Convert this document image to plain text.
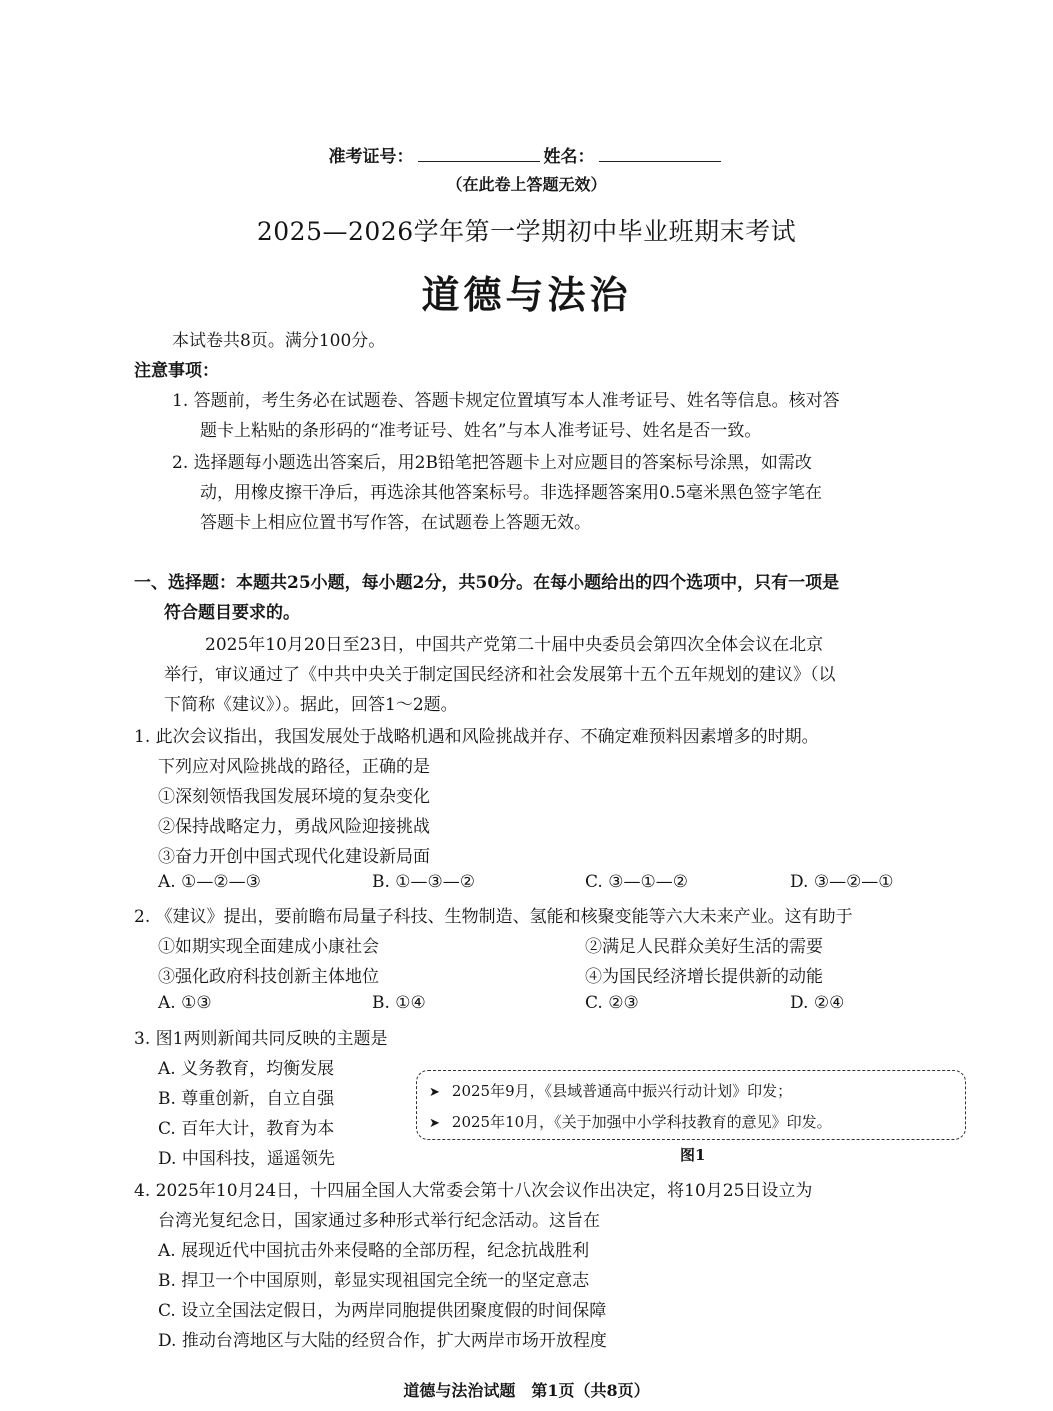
准考证号：	姓名：
（在此卷上答题无效）
2025—2026学年第一学期初中毕业班期末考试
道德与法治
本试卷共8页。满分100分。
注意事项：
1. 答题前，考生务必在试题卷、答题卡规定位置填写本人准考证号、姓名等信息。核对答
题卡上粘贴的条形码的“准考证号、姓名”与本人准考证号、姓名是否一致。
2. 选择题每小题选出答案后，用2B铅笔把答题卡上对应题目的答案标号涂黑，如需改
动，用橡皮擦干净后，再选涂其他答案标号。非选择题答案用0.5毫米黑色签字笔在
答题卡上相应位置书写作答，在试题卷上答题无效。
一、选择题：本题共25小题，每小题2分，共50分。在每小题给出的四个选项中，只有一项是
符合题目要求的。
2025年10月20日至23日，中国共产党第二十届中央委员会第四次全体会议在北京
举行，审议通过了《中共中央关于制定国民经济和社会发展第十五个五年规划的建议》（以
下简称《建议》）。据此，回答1～2题。
1. 此次会议指出，我国发展处于战略机遇和风险挑战并存、不确定难预料因素增多的时期。
下列应对风险挑战的路径，正确的是
①深刻领悟我国发展环境的复杂变化
②保持战略定力，勇战风险迎接挑战
③奋力开创中国式现代化建设新局面
A. ①—②—③	B. ①—③—②	C. ③—①—②	D. ③—②—①
2. 《建议》提出，要前瞻布局量子科技、生物制造、氢能和核聚变能等六大未来产业。这有助于
①如期实现全面建成小康社会	②满足人民群众美好生活的需要
③强化政府科技创新主体地位	④为国民经济增长提供新的动能
A. ①③	B. ①④	C. ②③	D. ②④
3. 图1两则新闻共同反映的主题是
A. 义务教育，均衡发展
B. 尊重创新，自立自强
C. 百年大计，教育为本
D. 中国科技，遥遥领先
➤ 2025年9月，《县域普通高中振兴行动计划》印发；
➤ 2025年10月，《关于加强中小学科技教育的意见》印发。
图1
4. 2025年10月24日，十四届全国人大常委会第十八次会议作出决定，将10月25日设立为
台湾光复纪念日，国家通过多种形式举行纪念活动。这旨在
A. 展现近代中国抗击外来侵略的全部历程，纪念抗战胜利
B. 捍卫一个中国原则，彰显实现祖国完全统一的坚定意志
C. 设立全国法定假日，为两岸同胞提供团聚度假的时间保障
D. 推动台湾地区与大陆的经贸合作，扩大两岸市场开放程度
道德与法治试题　第1页（共8页）
